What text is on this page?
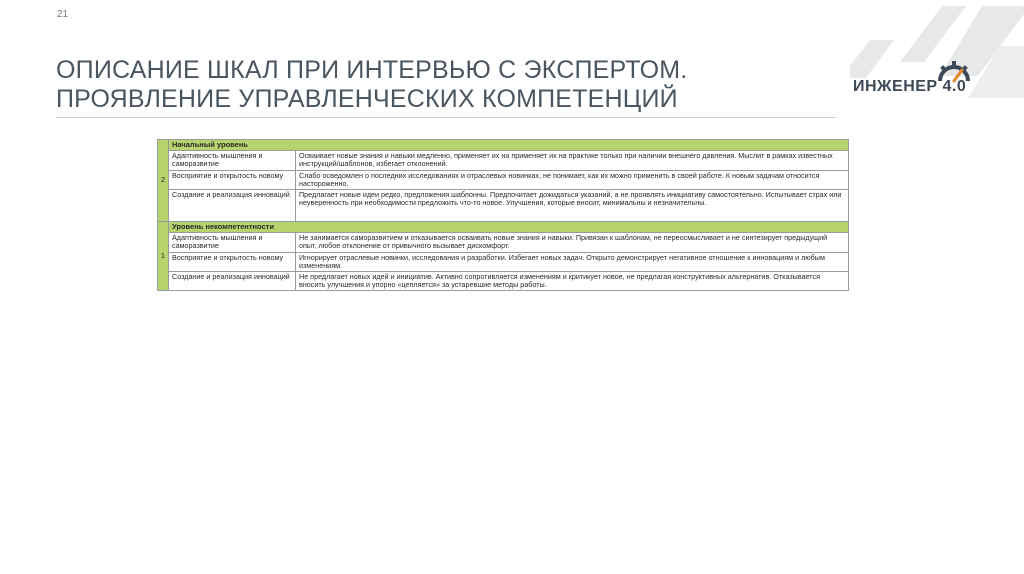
21
ОПИСАНИЕ ШКАЛ ПРИ ИНТЕРВЬЮ С ЭКСПЕРТОМ.
ПРОЯВЛЕНИЕ УПРАВЛЕНЧЕСКИХ КОМПЕТЕНЦИЙ	ИНЖЕНЕР 4.0
2	Начальный уровень	
	Адаптивность мышления и саморазвитие	Осваивает новые знания и навыки медленно, применяет их на применяет их на практике только при наличии внешнего давления. Мыслит в рамках известных инструкций/шаблонов, избегает отклонений.
	Восприятие и открытость новому	Слабо осведомлен о последних исследованиях и отраслевых новинках, не понимает, как их можно применить в своей работе. К новым задачам относится настороженно.
	Создание и реализация инноваций	Предлагает новые идеи редко, предложения шаблонны. Предпочитает дожидаться указаний, а не проявлять инициативу самостоятельно. Испытывает страх или неуверенность при необходимости предложить что-то новое. Улучшения, которые вносит, минимальны и незначительны.
1	Уровень некомпетентности	
	Адаптивность мышления и саморазвитие	Не занимается саморазвитием и отказывается осваивать новые знания и навыки. Привязан к шаблонам, не переосмысливает и не синтезирует предыдущий опыт, любое отклонение от привычного вызывает дискомфорт.
	Восприятие и открытость новому	Игнорирует отраслевые новинки, исследования и разработки. Избегает новых задач. Открыто демонстрирует негативное отношение к инновациям и любым изменениям.
	Создание и реализация инноваций	Не предлагает новых идей и инициатив. Активно сопротивляется изменениям и критикует новое, не предлагая конструктивных альтернатив. Отказывается вносить улучшения и упорно «цепляется» за устаревшие методы работы.
